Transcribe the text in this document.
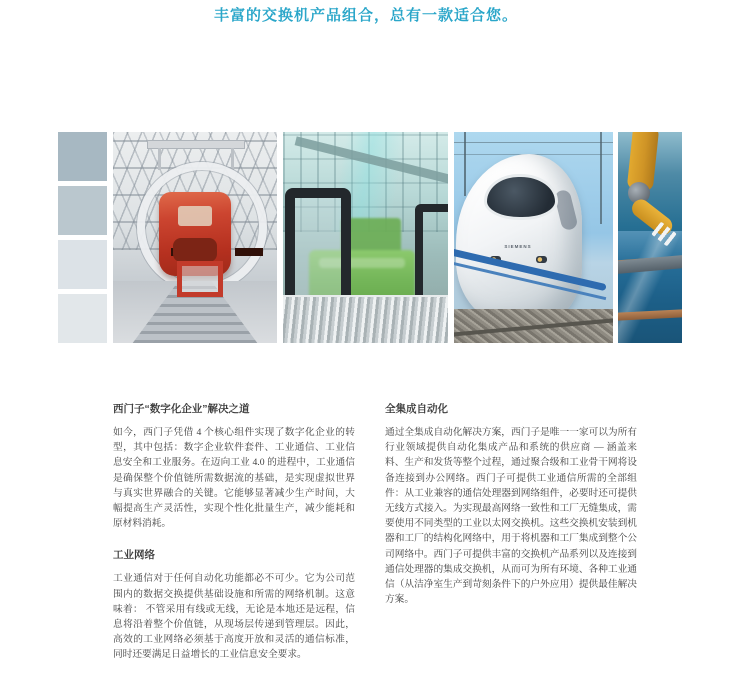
丰富的交换机产品组合，总有一款适合您。
SIEMENS
西门子“数字化企业”解决之道

如今，西门子凭借 4 个核心组件实现了数字化企业的转型，其中包括：数字企业软件套件、工业通信、工业信息安全和工业服务。在迈向工业 4.0 的进程中，工业通信是确保整个价值链所需数据流的基础，是实现虚拟世界与真实世界融合的关键。它能够显著减少生产时间，大幅提高生产灵活性，实现个性化批量生产，减少能耗和原材料消耗。

工业网络

工业通信对于任何自动化功能都必不可少。它为公司范围内的数据交换提供基础设施和所需的网络机制。这意味着： 不管采用有线或无线，无论是本地还是远程，信息将沿着整个价值链，从现场层传递到管理层。因此，高效的工业网络必须基于高度开放和灵活的通信标准，同时还要满足日益增长的工业信息安全要求。

全集成自动化

通过全集成自动化解决方案，西门子是唯一一家可以为所有行业领域提供自动化集成产品和系统的供应商 — 涵盖来料、生产和发货等整个过程，通过聚合级和工业骨干网将设备连接到办公网络。西门子可提供工业通信所需的全部组件：从工业兼容的通信处理器到网络组件，必要时还可提供无线方式接入。为实现最高网络一致性和工厂无缝集成，需要使用不同类型的工业以太网交换机。这些交换机安装到机器和工厂的结构化网络中，用于将机器和工厂集成到整个公司网络中。西门子可提供丰富的交换机产品系列以及连接到通信处理器的集成交换机，从而可为所有环境、各种工业通信（从洁净室生产到苛刻条件下的户外应用）提供最佳解决方案。
